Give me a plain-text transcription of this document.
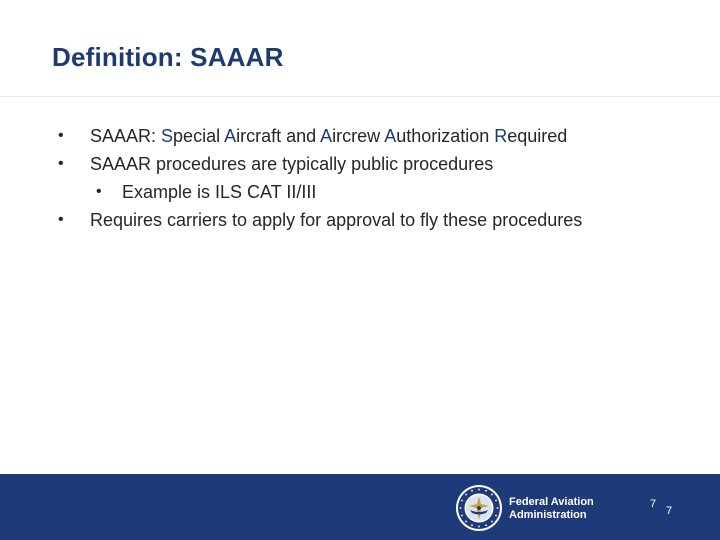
Definition: SAAAR
• SAAAR: Special Aircraft and Aircrew Authorization Required
• SAAAR procedures are typically public procedures
• Example is ILS CAT II/III
• Requires carriers to apply for approval to fly these procedures
Federal Aviation
Administration
7
7
